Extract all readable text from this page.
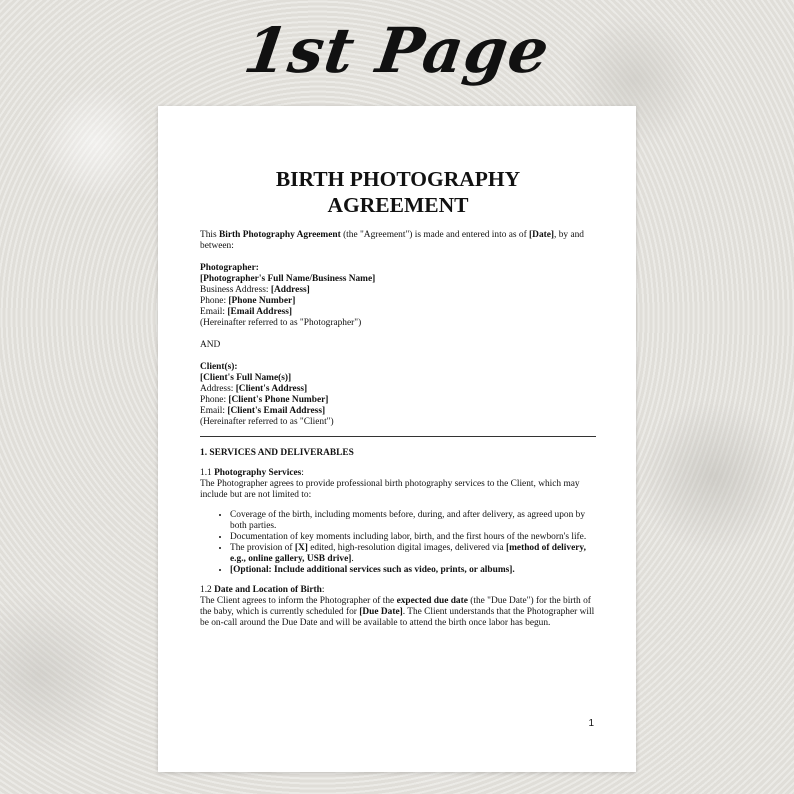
1st Page
BIRTH PHOTOGRAPHY
AGREEMENT

This Birth Photography Agreement (the "Agreement") is made and entered into as of [Date], by and between:

Photographer:

[Photographer's Full Name/Business Name]

Business Address: [Address]

Phone: [Phone Number]

Email: [Email Address]

(Hereinafter referred to as "Photographer")

AND

Client(s):

[Client's Full Name(s)]

Address: [Client's Address]

Phone: [Client's Phone Number]

Email: [Client's Email Address]

(Hereinafter referred to as "Client")

1. SERVICES AND DELIVERABLES

1.1 Photography Services:

The Photographer agrees to provide professional birth photography services to the Client, which may include but are not limited to:

• Coverage of the birth, including moments before, during, and after delivery, as agreed upon by both parties.
• Documentation of key moments including labor, birth, and the first hours of the newborn's life.
• The provision of [X] edited, high-resolution digital images, delivered via [method of delivery, e.g., online gallery, USB drive].
• [Optional: Include additional services such as video, prints, or albums].

1.2 Date and Location of Birth:

The Client agrees to inform the Photographer of the expected due date (the "Due Date") for the birth of the baby, which is currently scheduled for [Due Date]. The Client understands that the Photographer will be on-call around the Due Date and will be available to attend the birth once labor has begun.

1
